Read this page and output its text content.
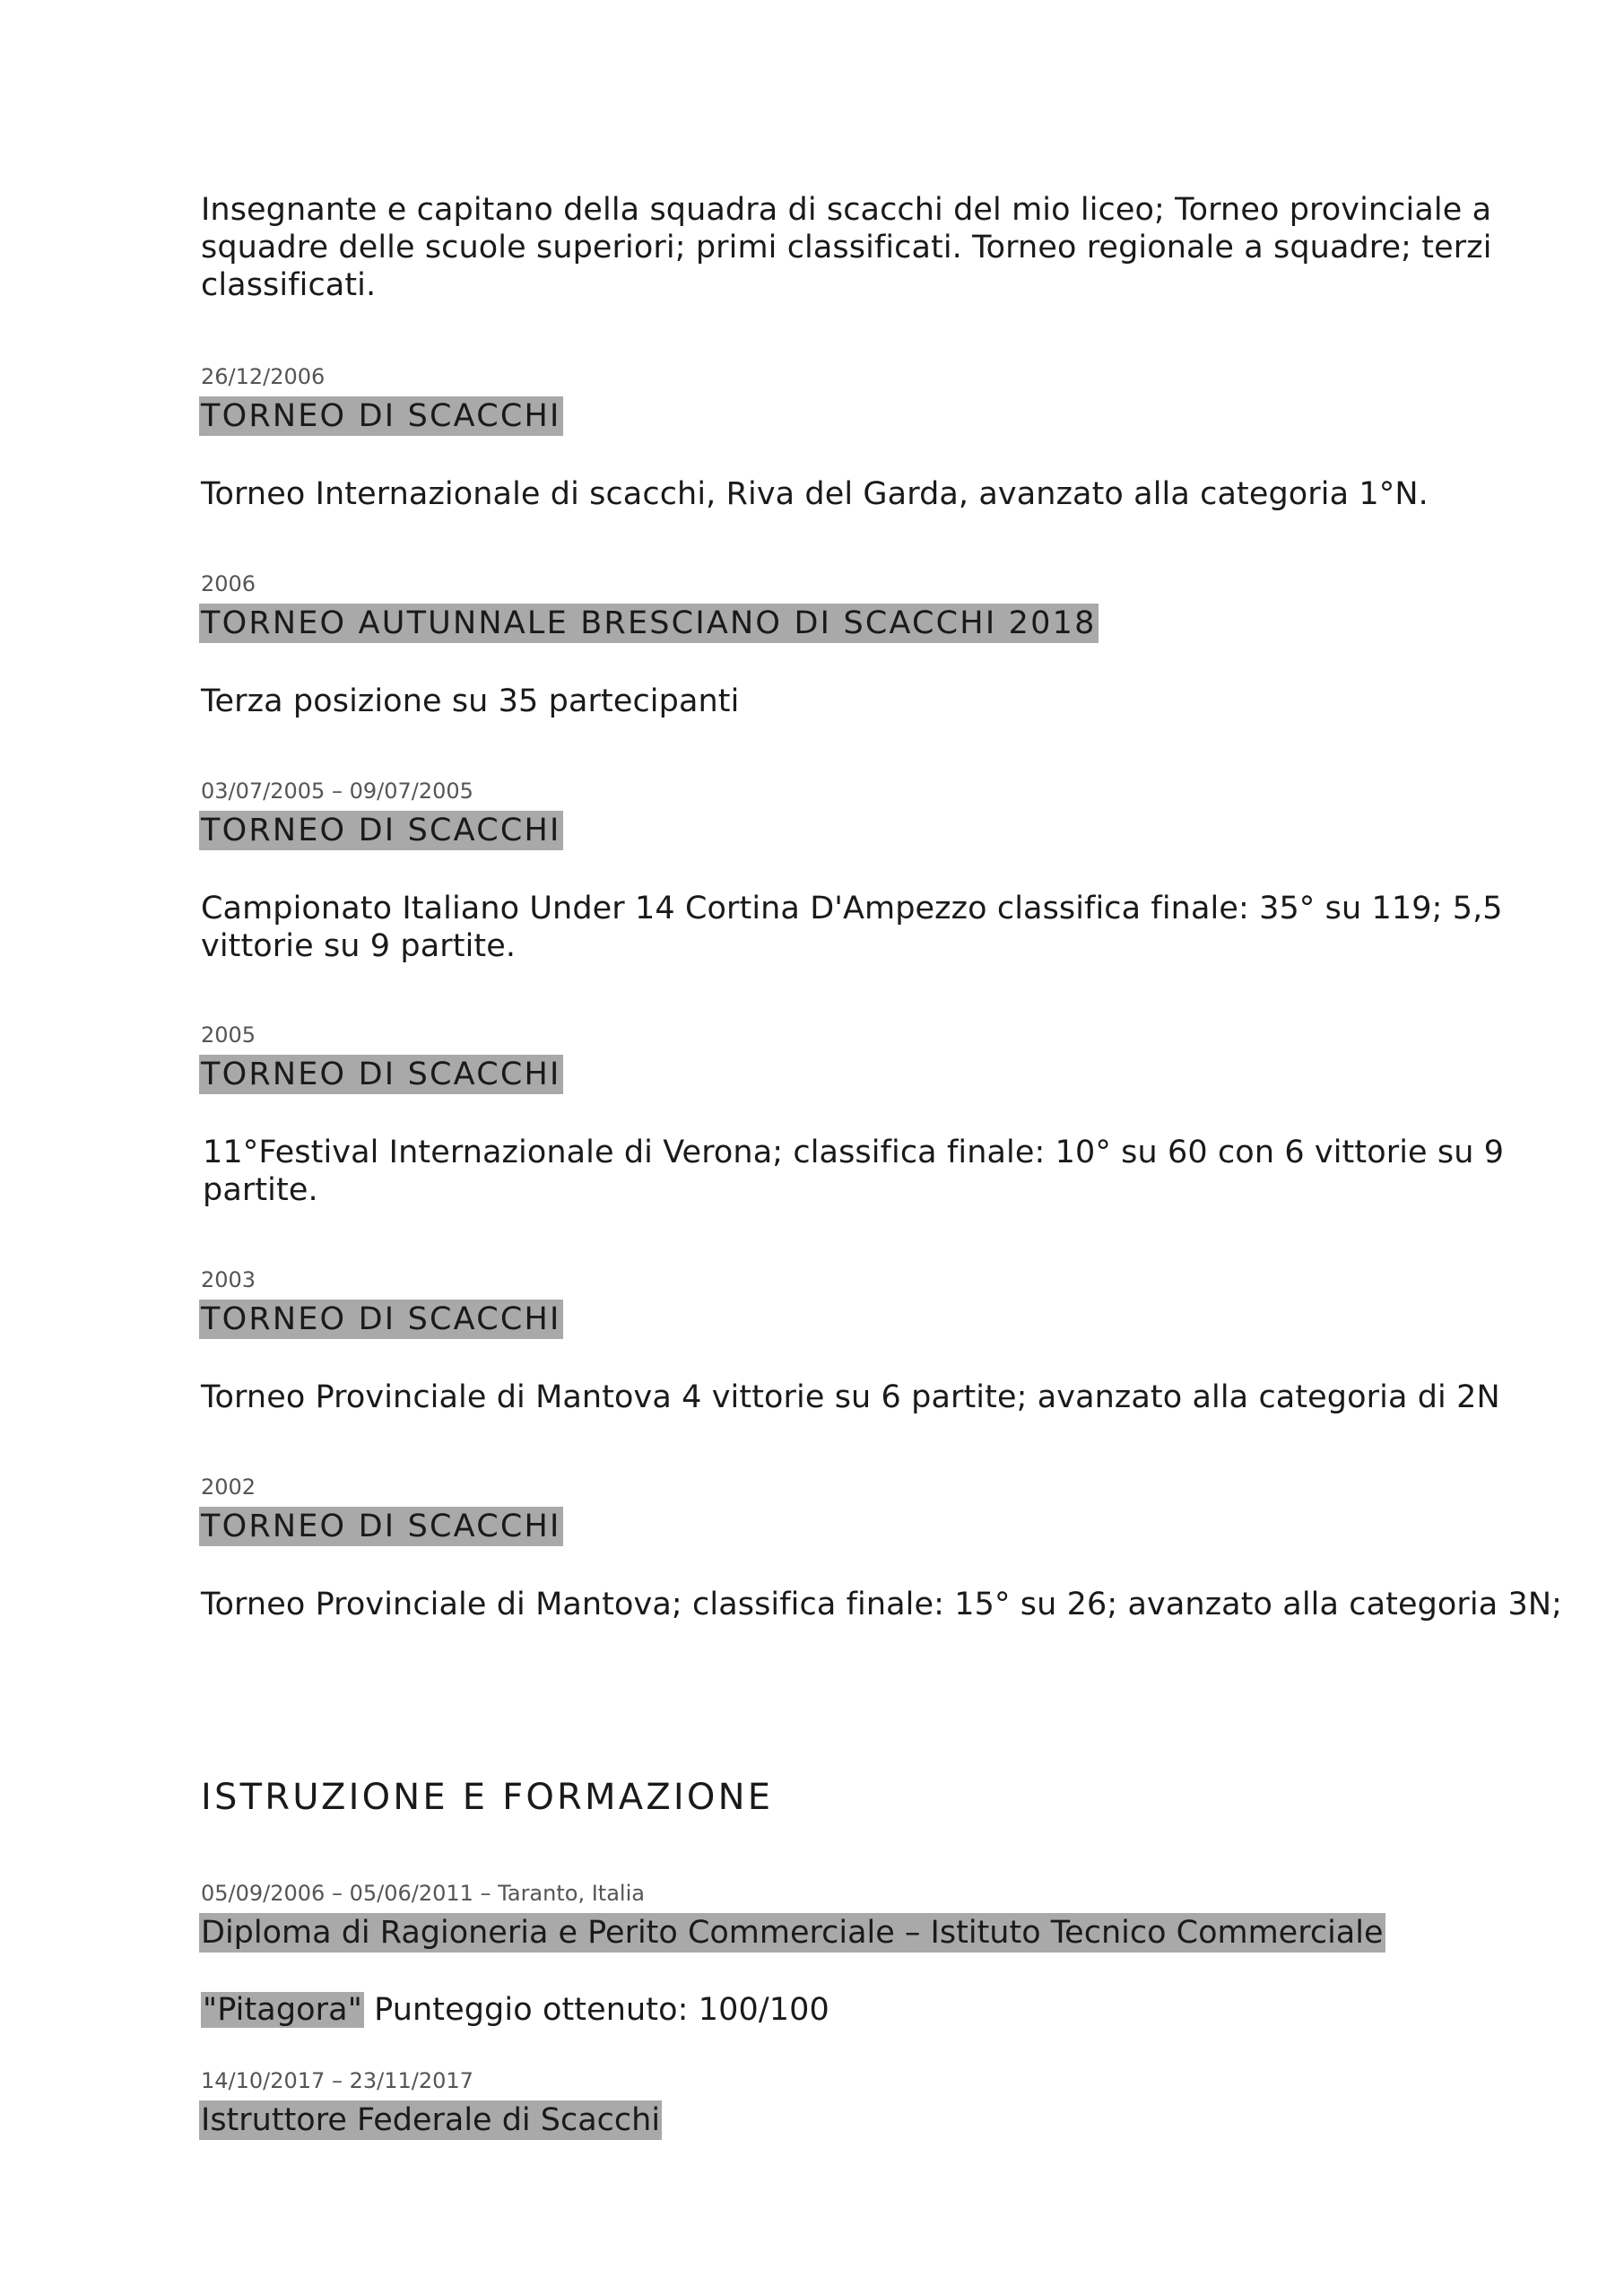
Insegnante e capitano della squadra di scacchi del mio liceo; Torneo provinciale a
squadre delle scuole superiori; primi classificati. Torneo regionale a squadre; terzi
classificati.
26/12/2006
TORNEO DI SCACCHI
Torneo Internazionale di scacchi, Riva del Garda, avanzato alla categoria 1°N.
2006
TORNEO AUTUNNALE BRESCIANO DI SCACCHI 2018
Terza posizione su 35 partecipanti
03/07/2005 – 09/07/2005
TORNEO DI SCACCHI
Campionato Italiano Under 14 Cortina D'Ampezzo classifica finale: 35° su 119; 5,5
vittorie su 9 partite.
2005
TORNEO DI SCACCHI
11°Festival Internazionale di Verona; classifica finale: 10° su 60 con 6 vittorie su 9
partite.
2003
TORNEO DI SCACCHI
Torneo Provinciale di Mantova 4 vittorie su 6 partite; avanzato alla categoria di 2N
2002
TORNEO DI SCACCHI
Torneo Provinciale di Mantova; classifica finale: 15° su 26; avanzato alla categoria 3N;
ISTRUZIONE E FORMAZIONE
05/09/2006 – 05/06/2011 – Taranto, Italia
Diploma di Ragioneria e Perito Commerciale – Istituto Tecnico Commerciale
"Pitagora" Punteggio ottenuto: 100/100
14/10/2017 – 23/11/2017
Istruttore Federale di Scacchi
